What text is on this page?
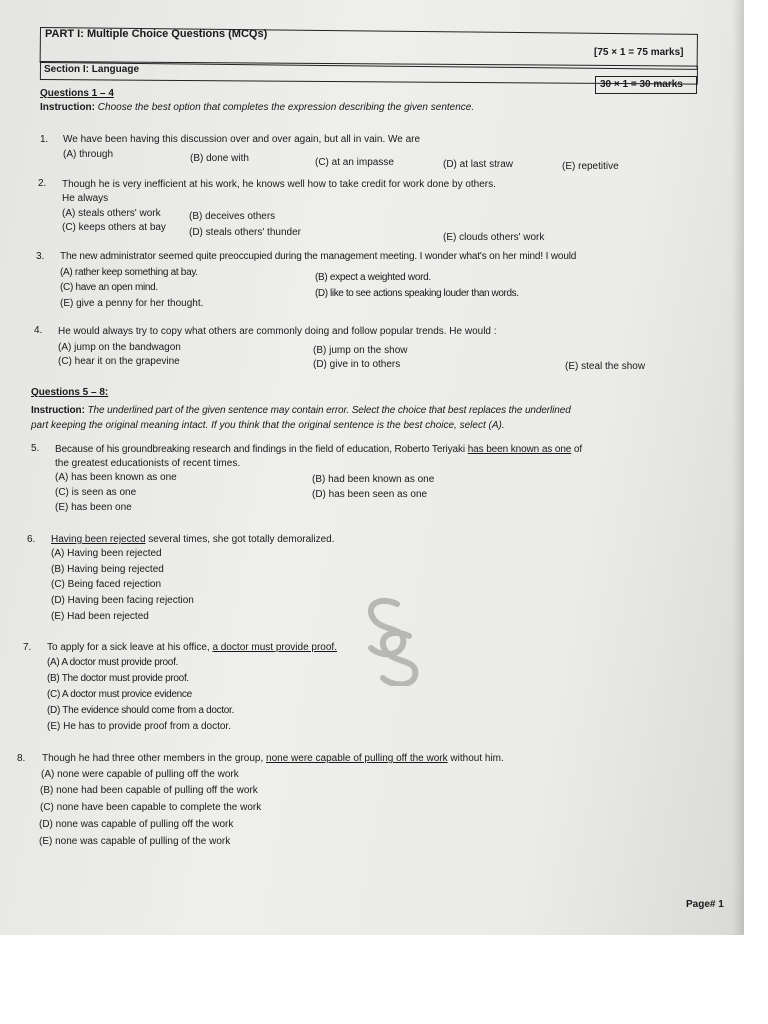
PART I: Multiple Choice Questions (MCQs)
[75 × 1 = 75 marks]
Section I: Language
30 × 1 = 30 marks
Questions 1 – 4
Instruction: Choose the best option that completes the expression describing the given sentence.
1. We have been having this discussion over and over again, but all in vain. We are
(A) through	(B) done with	(C) at an impasse	(D) at last straw	(E) repetitive
2. Though he is very inefficient at his work, he knows well how to take credit for work done by others.
He always
(A) steals others' work	(B) deceives others
(C) keeps others at bay (D) steals others' thunder	(E) clouds others' work
3. The new administrator seemed quite preoccupied during the management meeting. I wonder what's on her mind! I would
(A) rather keep something at bay.	(B) expect a weighted word.
(C) have an open mind.
(D) like to see actions speaking louder than words.
(E) give a penny for her thought.
4. He would always try to copy what others are commonly doing and follow popular trends. He would :
(A) jump on the bandwagon	(B) jump on the show
(C) hear it on the grapevine	(D) give in to others	(E) steal the show
Questions 5 – 8:
Instruction: The underlined part of the given sentence may contain error. Select the choice that best replaces the underlined
part keeping the original meaning intact. If you think that the original sentence is the best choice, select (A).
5. Because of his groundbreaking research and findings in the field of education, Roberto Teriyaki has been known as one of
the greatest educationists of recent times.
(A) has been known as one	(B) had been known as one
(C) is seen as one	(D) has been seen as one
(E) has been one
6. Having been rejected several times, she got totally demoralized.
(A) Having been rejected
(B) Having being rejected
(C) Being faced rejection
(D) Having been facing rejection
(E) Had been rejected
7. To apply for a sick leave at his office, a doctor must provide proof.
(A) A doctor must provide proof.
(B) The doctor must provide proof.
(C) A doctor must provice evidence
(D) The evidence should come from a doctor.
(E) He has to provide proof from a doctor.
8. Though he had three other members in the group, none were capable of pulling off the work without him.
(A) none were capable of pulling off the work
(B) none had been capable of pulling off the work
(C) none have been capable to complete the work
(D) none was capable of pulling off the work
(E) none was capable of pulling of the work
Page# 1
